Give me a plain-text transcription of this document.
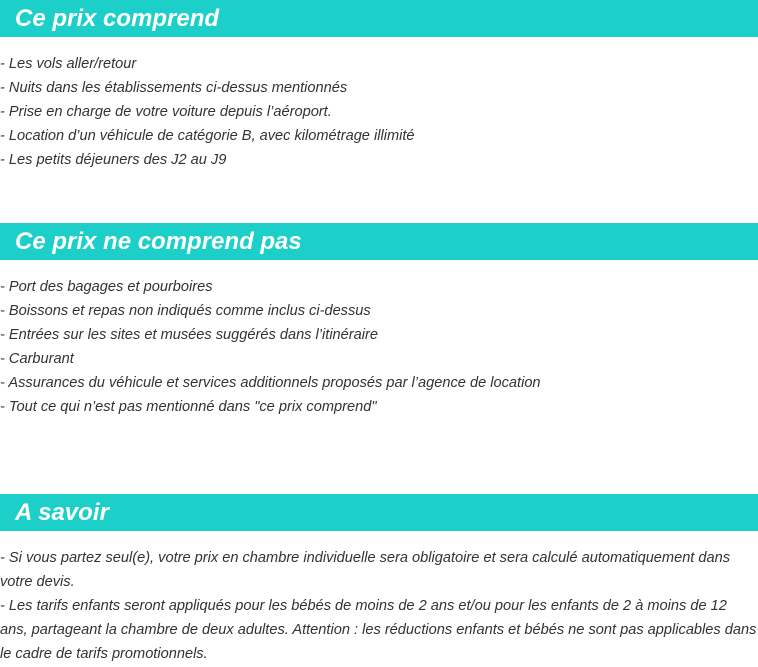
Ce prix comprend
- Les vols aller/retour
- Nuits dans les établissements ci-dessus mentionnés
- Prise en charge de votre voiture depuis l’aéroport.
- Location d’un véhicule de catégorie B, avec kilométrage illimité
- Les petits déjeuners des J2 au J9
Ce prix ne comprend pas
- Port des bagages et pourboires
- Boissons et repas non indiqués comme inclus ci-dessus
- Entrées sur les sites et musées suggérés dans l’itinéraire
- Carburant
- Assurances du véhicule et services additionnels proposés par l’agence de location
- Tout ce qui n’est pas mentionné dans "ce prix comprend"
A savoir
- Si vous partez seul(e), votre prix en chambre individuelle sera obligatoire et sera calculé automatiquement dans votre devis.
- Les tarifs enfants seront appliqués pour les bébés de moins de 2 ans et/ou pour les enfants de 2 à moins de 12 ans, partageant la chambre de deux adultes. Attention : les réductions enfants et bébés ne sont pas applicables dans le cadre de tarifs promotionnels.
